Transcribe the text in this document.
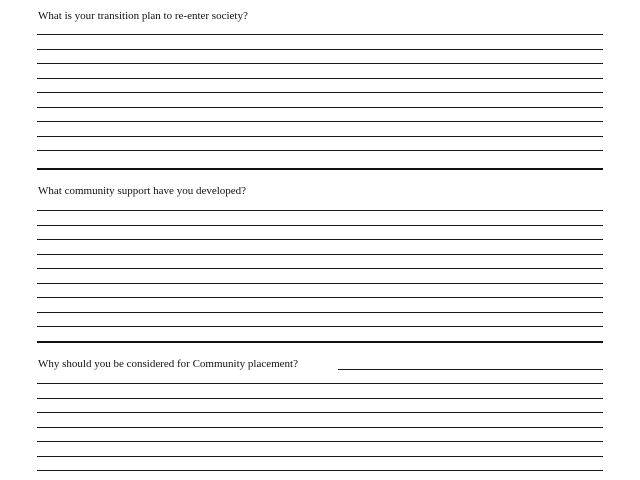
What is your transition plan to re-enter society?
What community support have you developed?
Why should you be considered for Community placement?
